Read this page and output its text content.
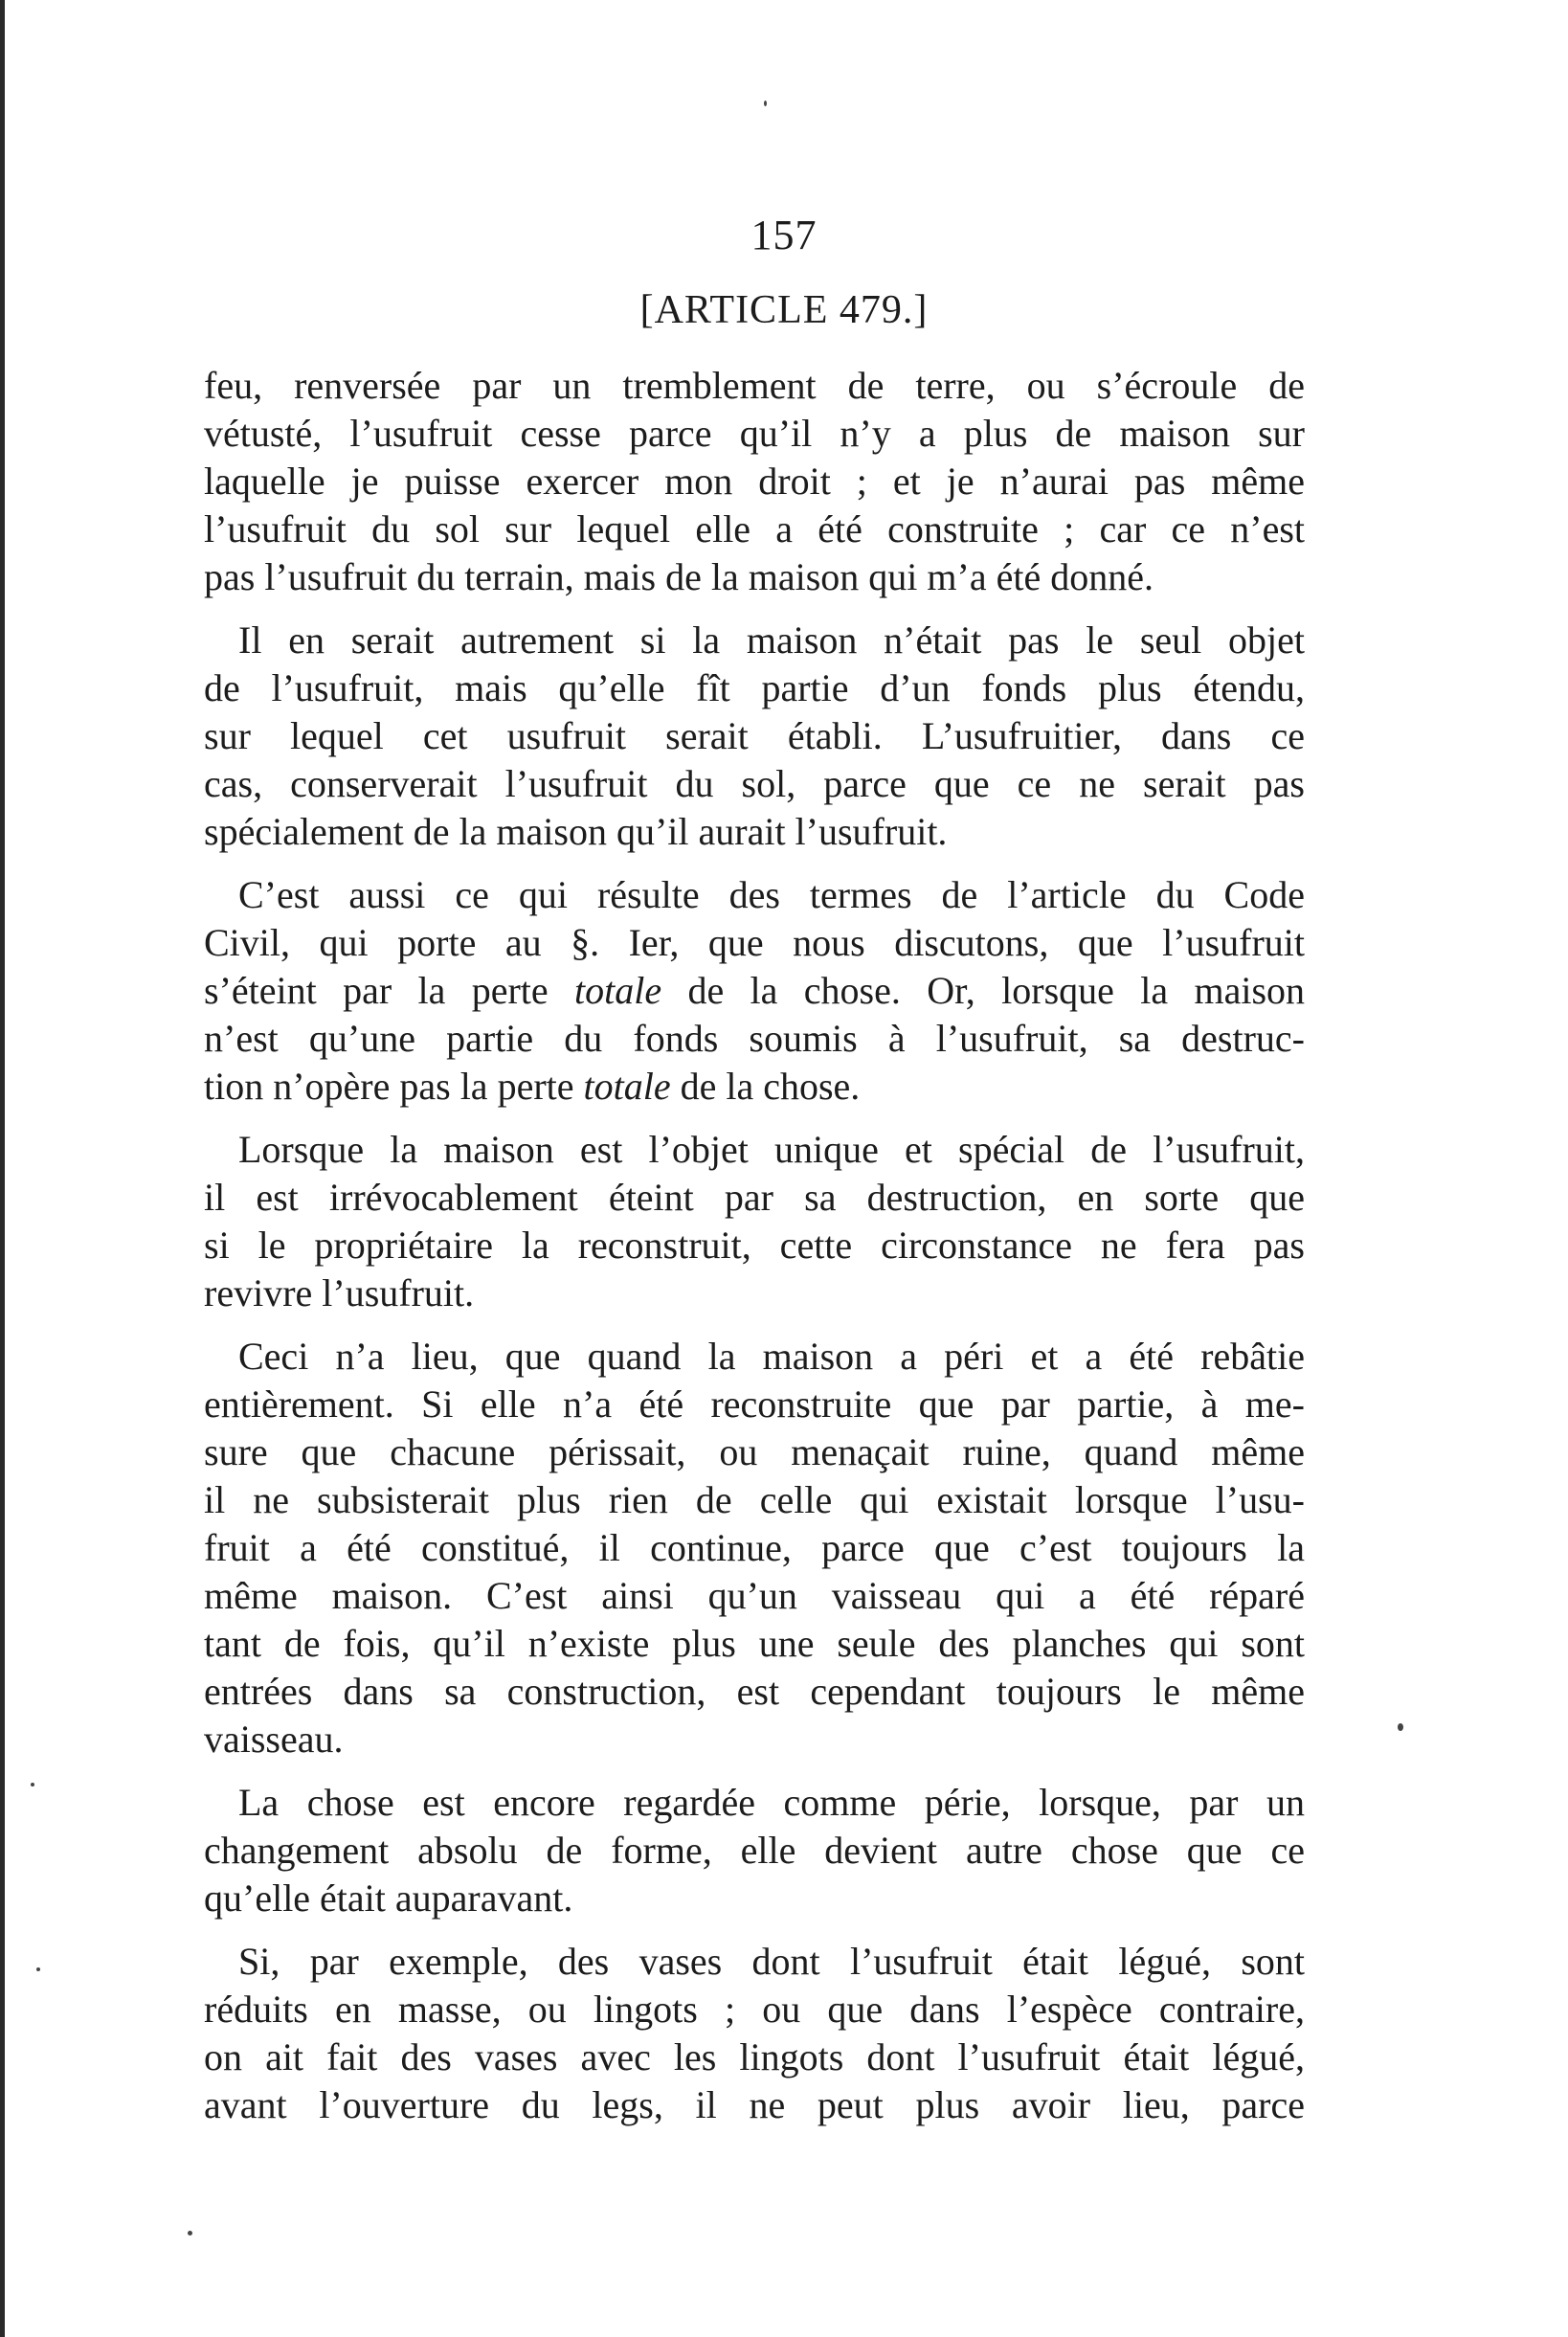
157
[ARTICLE 479.]

feu, renversée par un tremblement de terre, ou s’écroule de
vétusté, l’usufruit cesse parce qu’il n’y a plus de maison sur
laquelle je puisse exercer mon droit ; et je n’aurai pas même
l’usufruit du sol sur lequel elle a été construite ; car ce n’est
pas l’usufruit du terrain, mais de la maison qui m’a été donné.

Il en serait autrement si la maison n’était pas le seul objet
de l’usufruit, mais qu’elle fît partie d’un fonds plus étendu,
sur lequel cet usufruit serait établi. L’usufruitier, dans ce
cas, conserverait l’usufruit du sol, parce que ce ne serait pas
spécialement de la maison qu’il aurait l’usufruit.

C’est aussi ce qui résulte des termes de l’article du Code
Civil, qui porte au §. Ier, que nous discutons, que l’usufruit
s’éteint par la perte totale de la chose. Or, lorsque la maison
n’est qu’une partie du fonds soumis à l’usufruit, sa destruc-
tion n’opère pas la perte totale de la chose.

Lorsque la maison est l’objet unique et spécial de l’usufruit,
il est irrévocablement éteint par sa destruction, en sorte que
si le propriétaire la reconstruit, cette circonstance ne fera pas
revivre l’usufruit.

Ceci n’a lieu, que quand la maison a péri et a été rebâtie
entièrement. Si elle n’a été reconstruite que par partie, à me-
sure que chacune périssait, ou menaçait ruine, quand même
il ne subsisterait plus rien de celle qui existait lorsque l’usu-
fruit a été constitué, il continue, parce que c’est toujours la
même maison. C’est ainsi qu’un vaisseau qui a été réparé
tant de fois, qu’il n’existe plus une seule des planches qui sont
entrées dans sa construction, est cependant toujours le même
vaisseau.

La chose est encore regardée comme périe, lorsque, par un
changement absolu de forme, elle devient autre chose que ce
qu’elle était auparavant.

Si, par exemple, des vases dont l’usufruit était légué, sont
réduits en masse, ou lingots ; ou que dans l’espèce contraire,
on ait fait des vases avec les lingots dont l’usufruit était légué,
avant l’ouverture du legs, il ne peut plus avoir lieu, parce
